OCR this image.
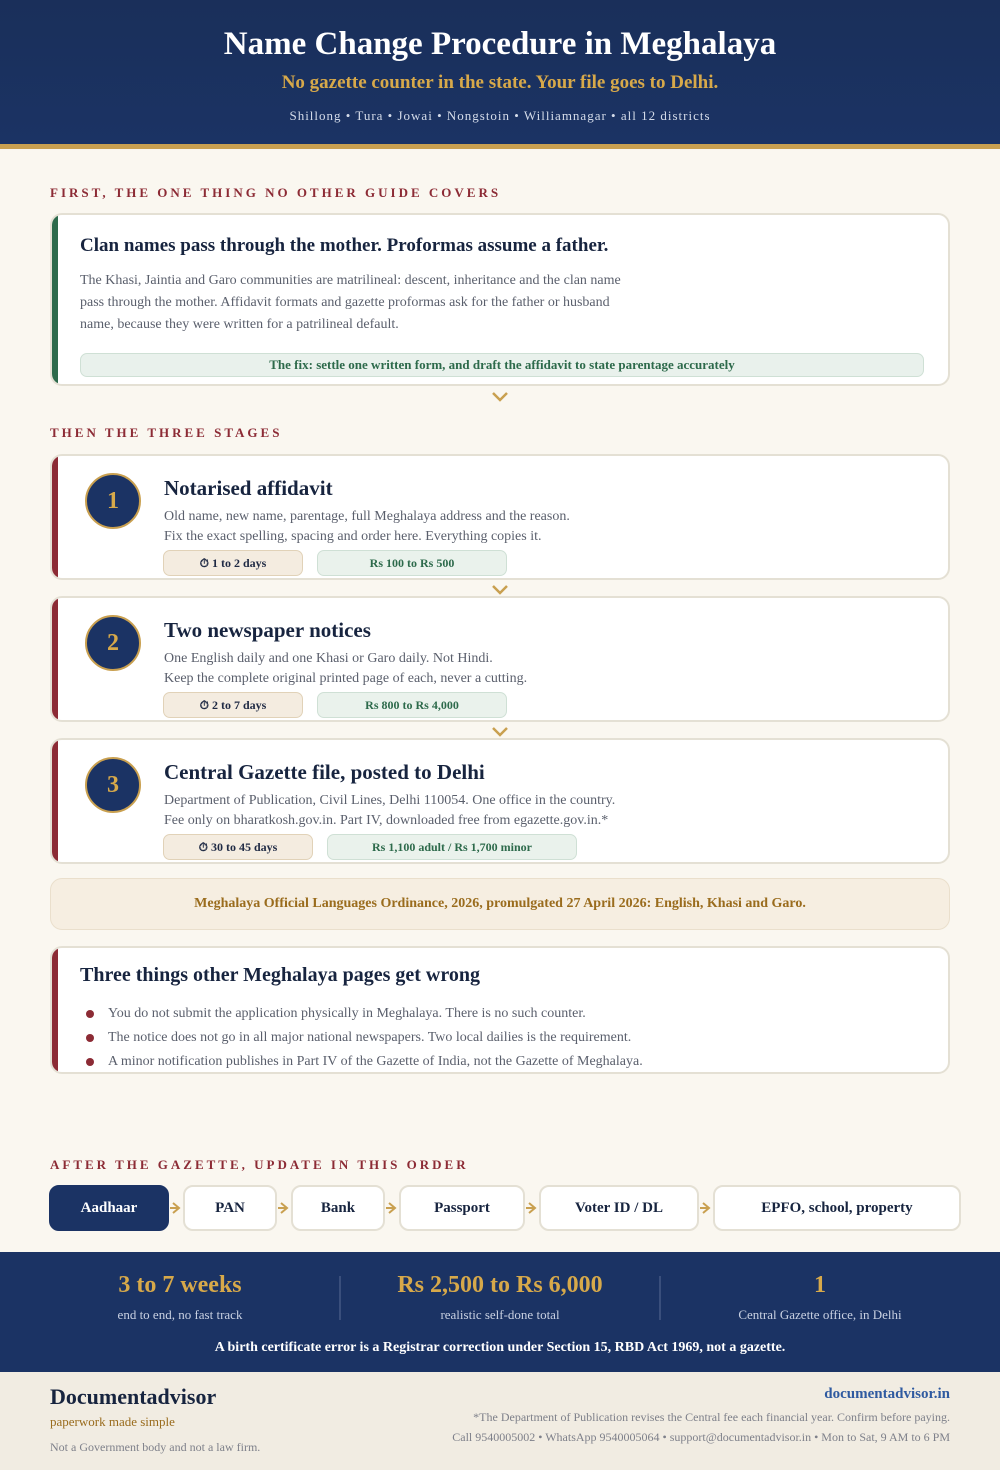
Name Change Procedure in Meghalaya
No gazette counter in the state. Your file goes to Delhi.
Shillong • Tura • Jowai • Nongstoin • Williamnagar • all 12 districts
FIRST, THE ONE THING NO OTHER GUIDE COVERS
Clan names pass through the mother. Proformas assume a father.

The Khasi, Jaintia and Garo communities are matrilineal: descent, inheritance and the clan name pass through the mother. Affidavit formats and gazette proformas ask for the father or husband name, because they were written for a patrilineal default.

The fix: settle one written form, and draft the affidavit to state parentage accurately
THEN THE THREE STAGES
1	Notarised affidavit
Old name, new name, parentage, full Meghalaya address and the reason.
Fix the exact spelling, spacing and order here. Everything copies it.
⏱ 1 to 2 days	Rs 100 to Rs 500
2	Two newspaper notices
One English daily and one Khasi or Garo daily. Not Hindi.
Keep the complete original printed page of each, never a cutting.
⏱ 2 to 7 days	Rs 800 to Rs 4,000
3	Central Gazette file, posted to Delhi
Department of Publication, Civil Lines, Delhi 110054. One office in the country.
Fee only on bharatkosh.gov.in. Part IV, downloaded free from egazette.gov.in.*
⏱ 30 to 45 days	Rs 1,100 adult / Rs 1,700 minor
Meghalaya Official Languages Ordinance, 2026, promulgated 27 April 2026: English, Khasi and Garo.
Three things other Meghalaya pages get wrong
You do not submit the application physically in Meghalaya. There is no such counter.
The notice does not go in all major national newspapers. Two local dailies is the requirement.
A minor notification publishes in Part IV of the Gazette of India, not the Gazette of Meghalaya.
AFTER THE GAZETTE, UPDATE IN THIS ORDER
Aadhaar	PAN	Bank	Passport	Voter ID / DL	EPFO, school, property
3 to 7 weeks
end to end, no fast track
Rs 2,500 to Rs 6,000
realistic self-done total
1
Central Gazette office, in Delhi
A birth certificate error is a Registrar correction under Section 15, RBD Act 1969, not a gazette.
Documentadvisor
paperwork made simple
Not a Government body and not a law firm.
documentadvisor.in
*The Department of Publication revises the Central fee each financial year. Confirm before paying.
Call 9540005002 • WhatsApp 9540005064 • support@documentadvisor.in • Mon to Sat, 9 AM to 6 PM
